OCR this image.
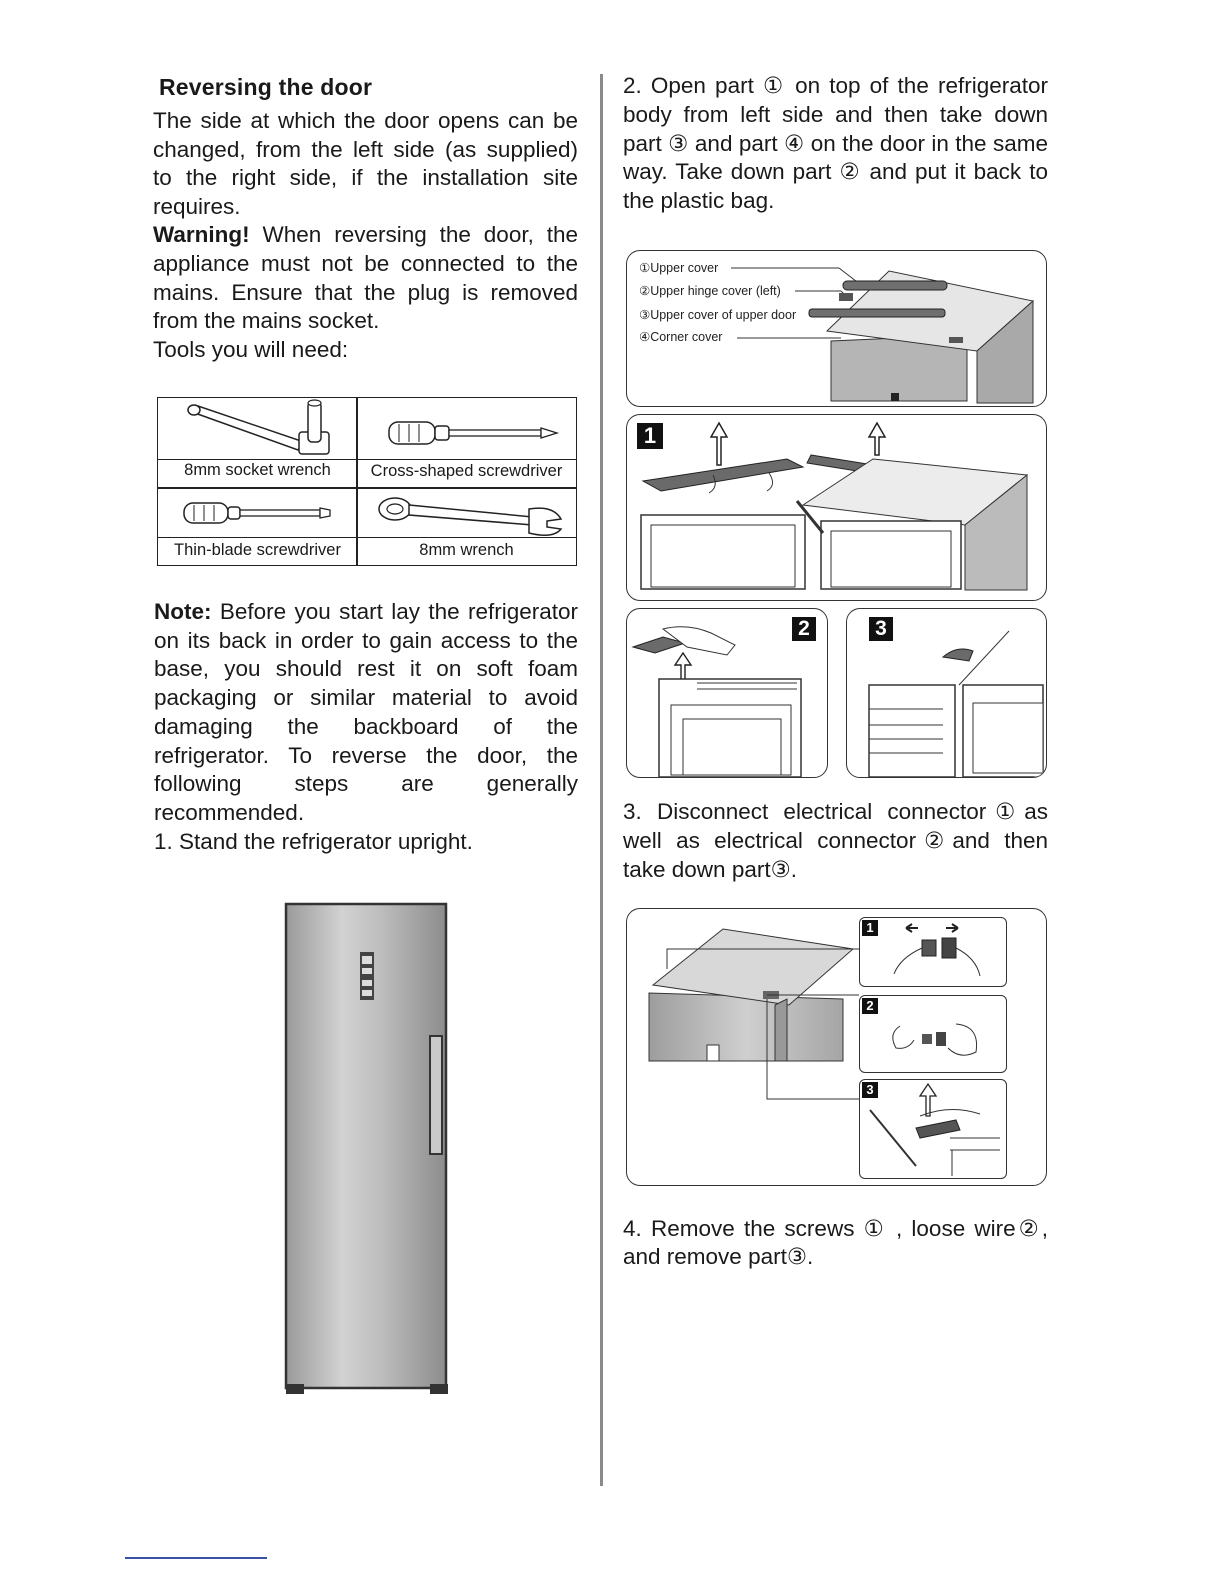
Reversing the door

The side at which the door opens can be changed, from the left side (as supplied) to the right side, if the installation site requires.
Warning! When reversing the door, the appliance must not be connected to the mains. Ensure that the plug is removed from the mains socket.
Tools you will need:

8mm socket wrench	Cross-shaped screwdriver
Thin-blade screwdriver	8mm wrench

Note: Before you start lay the refrigerator on its back in order to gain access to the base, you should rest it on soft foam packaging or similar material to avoid damaging the backboard of the refrigerator. To reverse the door, the following steps are generally recommended.

1. Stand the refrigerator upright.

2. Open part ① on top of the refrigerator body from left side and then take down part ③ and part ④ on the door in the same way. Take down part ② and put it back to the plastic bag.

①Upper cover
②Upper hinge cover (left)
③Upper cover of upper door
④Corner cover
1
2	3

3. Disconnect electrical connector①as well as electrical connector②and then take down part③.

1
2
3

4. Remove the screws ① , loose wire②, and remove part③.
